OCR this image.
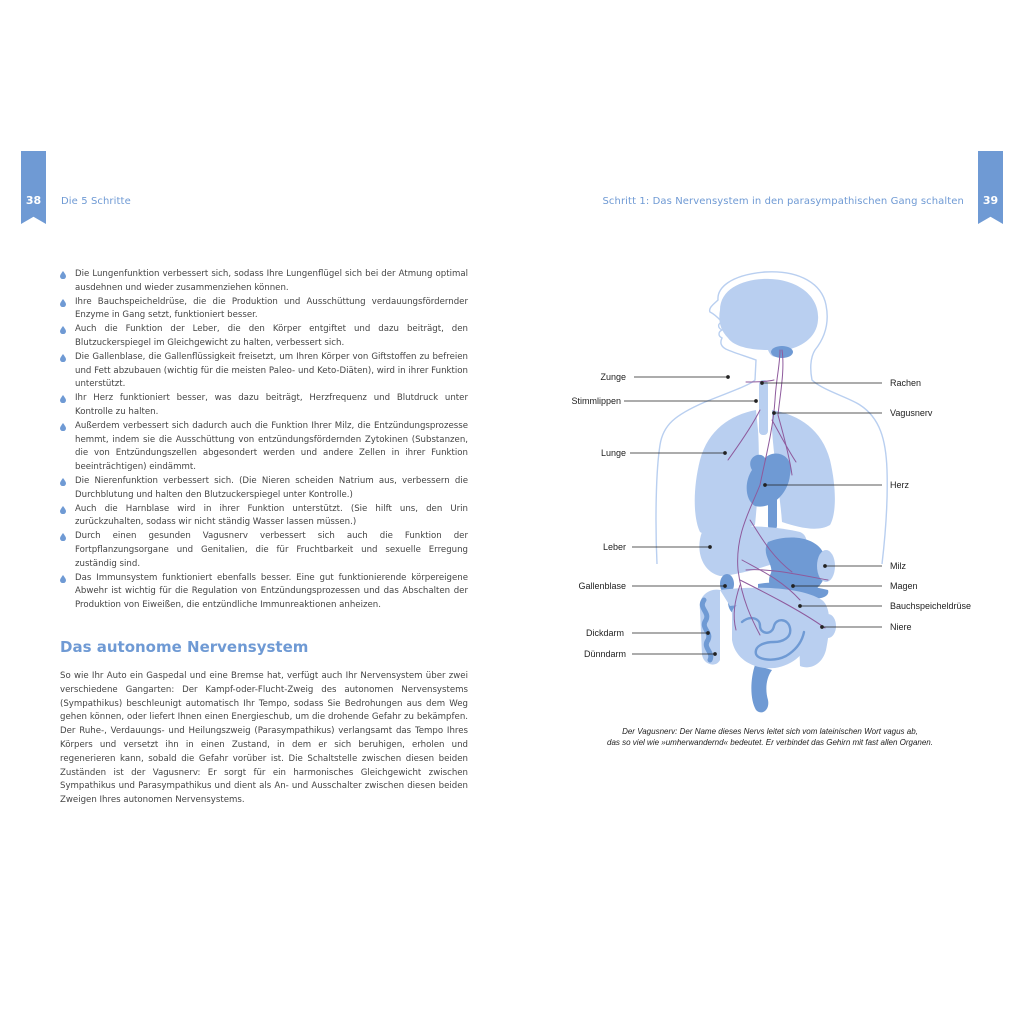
38	Die 5 Schritte	Schritt 1: Das Nervensystem in den parasympathischen Gang schalten	39
Die Lungenfunktion verbessert sich, sodass Ihre Lungenflügel sich bei der Atmung optimal ausdehnen und wieder zusammenziehen können.
Ihre Bauchspeicheldrüse, die die Produktion und Ausschüttung verdauungsfördernder Enzyme in Gang setzt, funktioniert besser.
Auch die Funktion der Leber, die den Körper entgiftet und dazu beiträgt, den Blutzuckerspiegel im Gleichgewicht zu halten, verbessert sich.
Die Gallenblase, die Gallenflüssigkeit freisetzt, um Ihren Körper von Giftstoffen zu befreien und Fett abzubauen (wichtig für die meisten Paleo- und Keto-Diäten), wird in ihrer Funktion unterstützt.
Ihr Herz funktioniert besser, was dazu beiträgt, Herzfrequenz und Blutdruck unter Kontrolle zu halten.
Außerdem verbessert sich dadurch auch die Funktion Ihrer Milz, die Entzündungsprozesse hemmt, indem sie die Ausschüttung von entzündungsfördernden Zytokinen (Substanzen, die von Entzündungszellen abgesondert werden und andere Zellen in ihrer Funktion beeinträchtigen) eindämmt.
Die Nierenfunktion verbessert sich. (Die Nieren scheiden Natrium aus, verbessern die Durchblutung und halten den Blutzuckerspiegel unter Kontrolle.)
Auch die Harnblase wird in ihrer Funktion unterstützt. (Sie hilft uns, den Urin zurückzuhalten, sodass wir nicht ständig Wasser lassen müssen.)
Durch einen gesunden Vagusnerv verbessert sich auch die Funktion der Fortpflanzungsorgane und Genitalien, die für Fruchtbarkeit und sexuelle Erregung zuständig sind.
Das Immunsystem funktioniert ebenfalls besser. Eine gut funktionierende körpereigene Abwehr ist wichtig für die Regulation von Entzündungsprozessen und das Abschalten der Produktion von Eiweißen, die entzündliche Immunreaktionen anheizen.
Das autonome Nervensystem

So wie Ihr Auto ein Gaspedal und eine Bremse hat, verfügt auch Ihr Nervensystem über zwei verschiedene Gangarten: Der Kampf-oder-Flucht-Zweig des autonomen Nervensystems (Sympathikus) beschleunigt automatisch Ihr Tempo, sodass Sie Bedrohungen aus dem Weg gehen können, oder liefert Ihnen einen Energieschub, um die drohende Gefahr zu bekämpfen. Der Ruhe-, Verdauungs- und Heilungszweig (Parasympathikus) verlangsamt das Tempo Ihres Körpers und versetzt ihn in einen Zustand, in dem er sich beruhigen, erholen und regenerieren kann, sobald die Gefahr vorüber ist. Die Schaltstelle zwischen diesen beiden Zuständen ist der Vagusnerv: Er sorgt für ein harmonisches Gleichgewicht zwischen Sympathikus und Parasympathikus und dient als An- und Ausschalter zwischen diesen beiden Zweigen Ihres autonomen Nervensystems.

Zunge
Stimmlippen
Lunge
Leber
Gallenblase
Dickdarm
Dünndarm
Rachen
Vagusnerv
Herz
Milz
Magen
Bauchspeicheldrüse
Niere
Der Vagusnerv: Der Name dieses Nervs leitet sich vom lateinischen Wort vagus ab,
das so viel wie »umherwandernd« bedeutet. Er verbindet das Gehirn mit fast allen Organen.
